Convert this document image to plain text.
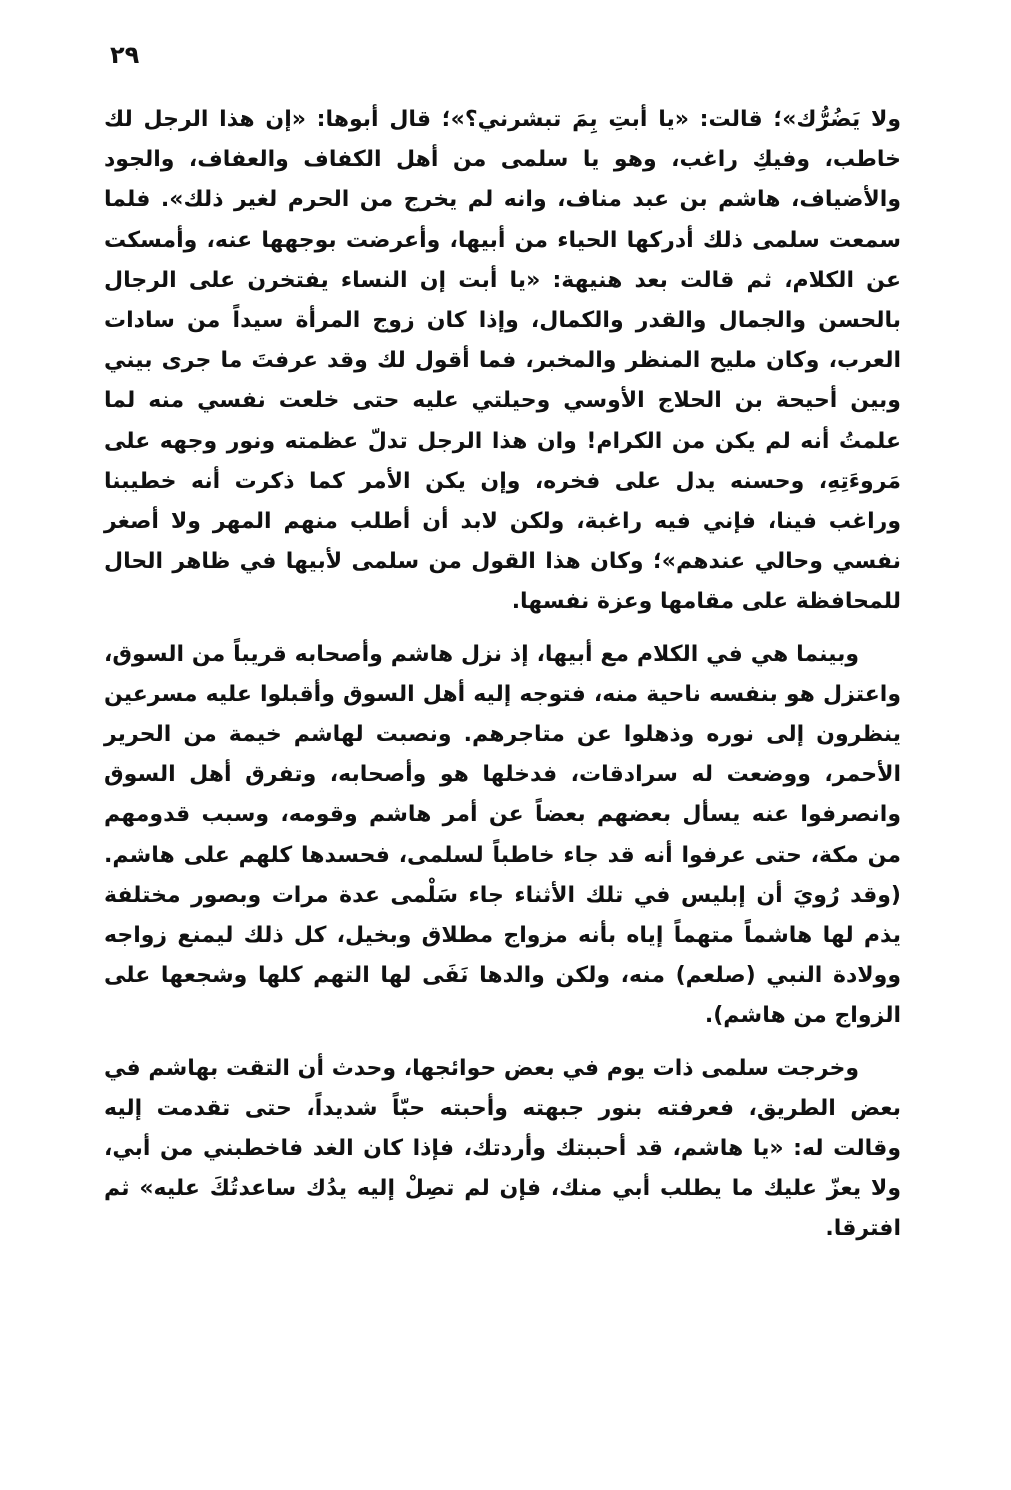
٢٩

ولا يَضُرُّك»؛ قالت: «يا أبتِ بِمَ تبشرني؟»؛ قال أبوها: «إن هذا الرجل لك خاطب، وفيكِ راغب، وهو يا سلمى من أهل الكفاف والعفاف، والجود والأضياف، هاشم بن عبد مناف، وانه لم يخرج من الحرم لغير ذلك». فلما سمعت سلمى ذلك أدركها الحياء من أبيها، وأعرضت بوجهها عنه، وأمسكت عن الكلام، ثم قالت بعد هنيهة: «يا أبت إن النساء يفتخرن على الرجال بالحسن والجمال والقدر والكمال، وإذا كان زوج المرأة سيداً من سادات العرب، وكان مليح المنظر والمخبر، فما أقول لك وقد عرفتَ ما جرى بيني وبين أحيحة بن الحلاج الأوسي وحيلتي عليه حتى خلعت نفسي منه لما علمتُ أنه لم يكن من الكرام! وان هذا الرجل تدلّ عظمته ونور وجهه على مَروءَتِهِ، وحسنه يدل على فخره، وإن يكن الأمر كما ذكرت أنه خطيبنا وراغب فينا، فإني فيه راغبة، ولكن لابد أن أطلب منهم المهر ولا أصغر نفسي وحالي عندهم»؛ وكان هذا القول من سلمى لأبيها في ظاهر الحال للمحافظة على مقامها وعزة نفسها.

وبينما هي في الكلام مع أبيها، إذ نزل هاشم وأصحابه قريباً من السوق، واعتزل هو بنفسه ناحية منه، فتوجه إليه أهل السوق وأقبلوا عليه مسرعين ينظرون إلى نوره وذهلوا عن متاجرهم. ونصبت لهاشم خيمة من الحرير الأحمر، ووضعت له سرادقات، فدخلها هو وأصحابه، وتفرق أهل السوق وانصرفوا عنه يسأل بعضهم بعضاً عن أمر هاشم وقومه، وسبب قدومهم من مكة، حتى عرفوا أنه قد جاء خاطباً لسلمى، فحسدها كلهم على هاشم. (وقد رُويَ أن إبليس في تلك الأثناء جاء سَلْمى عدة مرات وبصور مختلفة يذم لها هاشماً متهماً إياه بأنه مزواج مطلاق وبخيل، كل ذلك ليمنع زواجه وولادة النبي (صلعم) منه، ولكن والدها نَفَى لها التهم كلها وشجعها على الزواج من هاشم).

وخرجت سلمى ذات يوم في بعض حوائجها، وحدث أن التقت بهاشم في بعض الطريق، فعرفته بنور جبهته وأحبته حبّاً شديداً، حتى تقدمت إليه وقالت له: «يا هاشم، قد أحببتك وأردتك، فإذا كان الغد فاخطبني من أبي، ولا يعزّ عليك ما يطلب أبي منك، فإن لم تصِلْ إليه يدُك ساعدتُكَ عليه» ثم افترقا.
